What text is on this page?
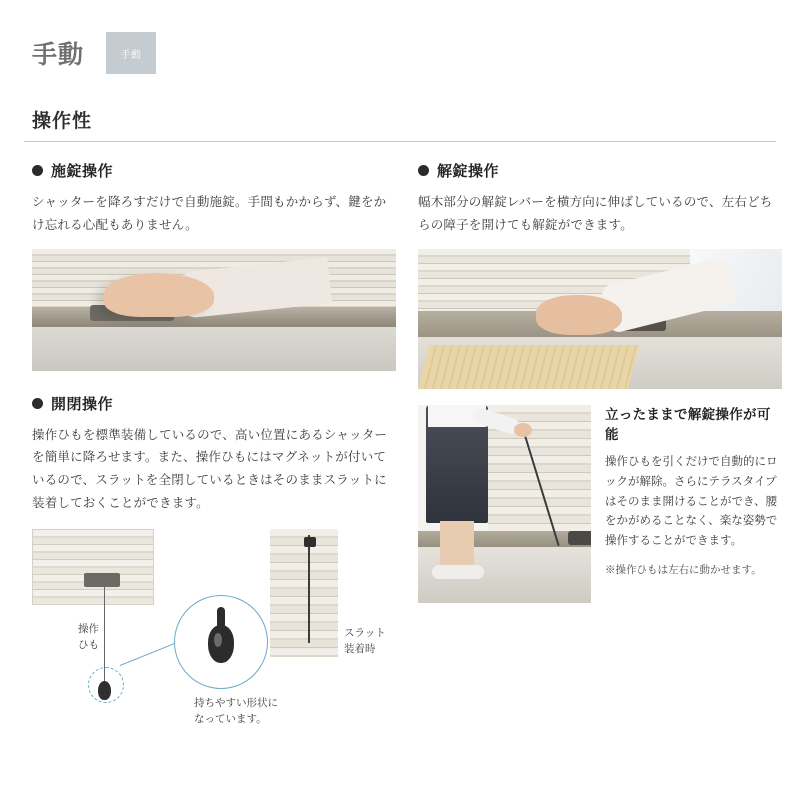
手動	手動
操作性
施錠操作
シャッターを降ろすだけで自動施錠。手間もかからず、鍵をかけ忘れる心配もありません。
開閉操作
操作ひもを標準装備しているので、高い位置にあるシャッターを簡単に降ろせます。また、操作ひもにはマグネットが付いているので、スラットを全閉しているときはそのままスラットに装着しておくことができます。
操作
ひも
持ちやすい形状に
なっています。
スラット
装着時
解錠操作
幅木部分の解錠レバーを横方向に伸ばしているので、左右どちらの障子を開けても解錠ができます。
立ったままで解錠操作が可能
操作ひもを引くだけで自動的にロックが解除。さらにテラスタイプはそのまま開けることができ、腰をかがめることなく、楽な姿勢で操作することができます。
※操作ひもは左右に動かせます。
